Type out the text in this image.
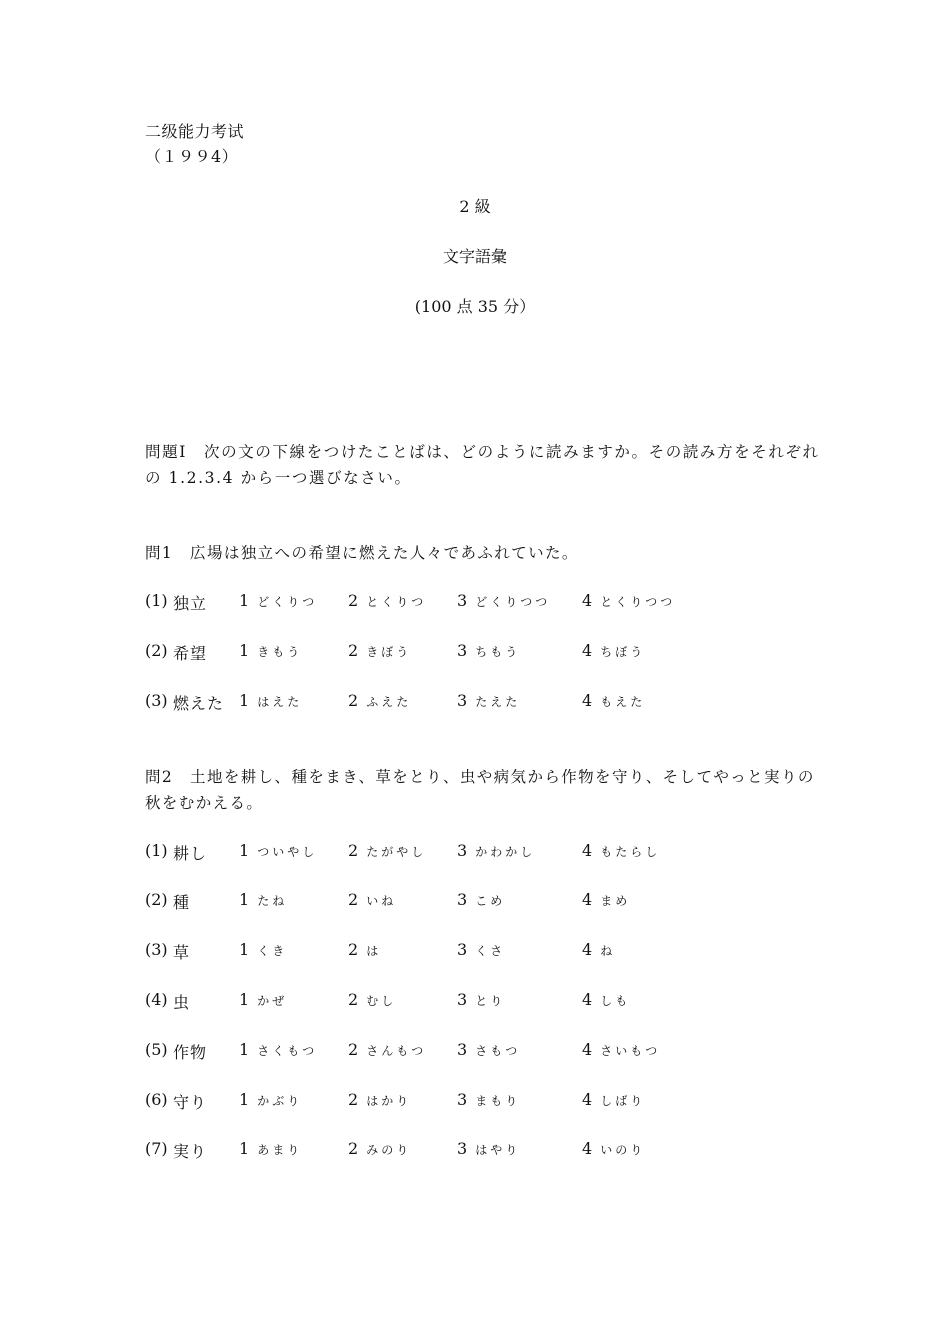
二级能力考试
（１９９4）
2 級
文字語彙
(100 点 35 分）
問題Ⅰ　次の文の下線をつけたことばは、どのように読みますか。その読み方をそれぞれ
の 1.2.3.4 から一つ選びなさい。
問1　広場は独立への希望に燃えた人々であふれていた。
(1) 独立 1 どくりつ 2 とくりつ 3 どくりつつ 4 とくりつつ
(2) 希望 1 きもう	2 きぼう	3 ちもう	4 ちぼう
(3) 燃えた 1 はえた	2 ふえた	3 たえた	4 もえた
問2　土地を耕し、種をまき、草をとり、虫や病気から作物を守り、そしてやっと実りの
秋をむかえる。
(1) 耕し 1 ついやし 2 たがやし 3 かわかし	4 もたらし
(2) 種	1 たね	2 いね	3 こめ	4 まめ
(3) 草	1 くき	2 は	3 くさ	4 ね
(4) 虫	1 かぜ	2 むし	3 とり	4 しも
(5) 作物 1 さくもつ 2 さんもつ 3 さもつ	4 さいもつ
(6) 守り 1 かぶり	2 はかり	3 まもり	4 しばり
(7) 実り 1 あまり	2 みのり	3 はやり	4 いのり
